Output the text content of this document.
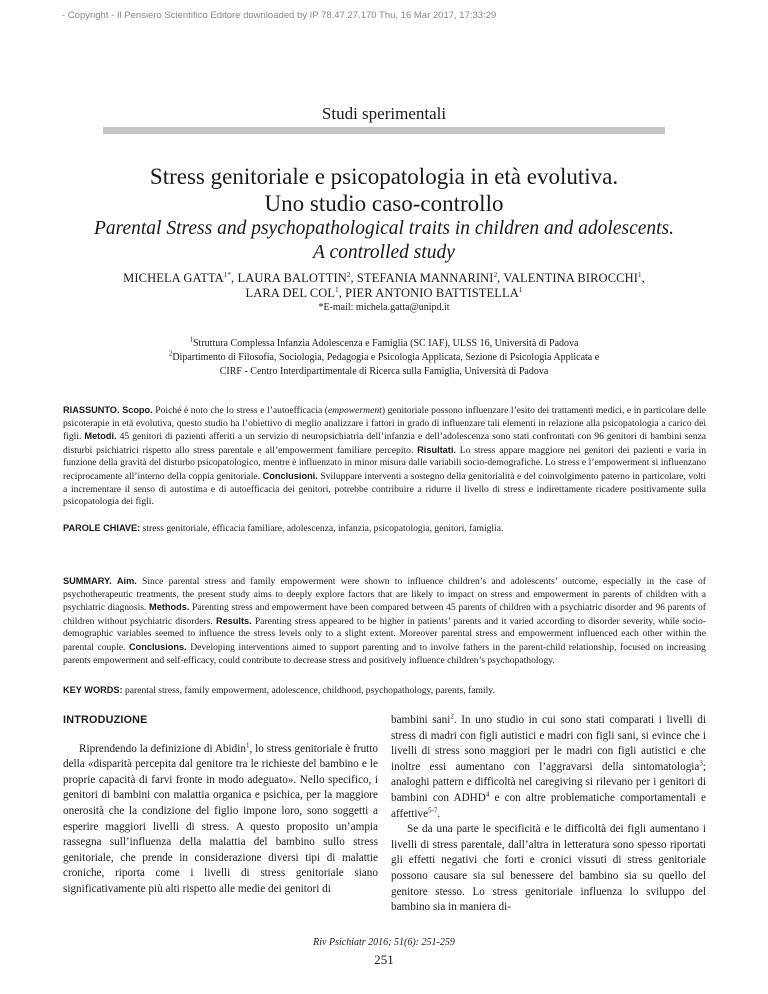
- Copyright - Il Pensiero Scientifico Editore downloaded by IP 78.47.27.170 Thu, 16 Mar 2017, 17:33:29
Studi sperimentali
Stress genitoriale e psicopatologia in età evolutiva.
Uno studio caso-controllo
Parental Stress and psychopathological traits in children and adolescents.
A controlled study
MICHELA $GATTA^{1*}$, LAURA BALOTTIN$^2$, STEFANIA MANNARINI$^2$, VALENTINA BIROCCHI$^1$,
LARA DEL COL$^1$, PIER ANTONIO BATTISTELLA$^1$
*E-mail: michela.gatta@unipd.it
$^1$Struttura Complessa Infanzia Adolescenza e Famiglia (SC IAF), ULSS 16, Università di Padova
$^2$Dipartimento di Filosofia, Sociologia, Pedagogia e Psicologia Applicata, Sezione di Psicologia Applicata e
CIRF - Centro Interdipartimentale di Ricerca sulla Famiglia, Università di Padova

RIASSUNTO. Scopo. Poiché è noto che lo stress e l’autoefficacia (empowerment) genitoriale possono influenzare l’esito dei trattamenti medici, e in particolare delle psicoterapie in età evolutiva, questo studio ha l’obiettivo di meglio analizzare i fattori in grado di influenzare tali elementi in relazione alla psicopatologia a carico dei figli. Metodi. 45 genitori di pazienti afferiti a un servizio di neuropsichiatria dell’infanzia e dell’adolescenza sono stati confrontati con 96 genitori di bambini senza disturbi psichiatrici rispetto allo stress parentale e all’empowerment familiare percepito. Risultati. Lo stress appare maggiore nei genitori dei pazienti e varia in funzione della gravità del disturbo psicopatologico, mentre è influenzato in minor misura dalle variabili socio-demografiche. Lo stress e l’empowerment si influenzano reciprocamente all’interno della coppia genitoriale. Conclusioni. Sviluppare interventi a sostegno della genitorialità e del coinvolgimento paterno in particolare, volti a incrementare il senso di autostima e di autoefficacia dei genitori, potrebbe contribuire a ridurre il livello di stress e indirettamente ricadere positivamente sulla psicopatologia dei figli.

PAROLE CHIAVE: stress genitoriale, efficacia familiare, adolescenza, infanzia, psicopatologia, genitori, famiglia.

SUMMARY. Aim. Since parental stress and family empowerment were shown to influence children’s and adolescents’ outcome, especially in the case of psychotherapeutic treatments, the present study aims to deeply explore factors that are likely to impact on stress and empowerment in parents of children with a psychiatric diagnosis. Methods. Parenting stress and empowerment have been compared between 45 parents of children with a psychiatric disorder and 96 parents of children without psychiatric disorders. Results. Parenting stress appeared to be higher in patients’ parents and it varied according to disorder severity, while socio-demographic variables seemed to influence the stress levels only to a slight extent. Moreover parental stress and empowerment influenced each other within the parental couple. Conclusions. Developing interventions aimed to support parenting and to involve fathers in the parent-child relationship, focused on increasing parents empowerment and self-efficacy, could contribute to decrease stress and positively influence children’s psychopathology.

KEY WORDS: parental stress, family empowerment, adolescence, childhood, psychopathology, parents, family.

INTRODUZIONE

Riprendendo la definizione di Abidin$^1$, lo stress genitoriale è frutto della «disparità percepita dal genitore tra le richieste del bambino e le proprie capacità di farvi fronte in modo adeguato». Nello specifico, i genitori di bambini con malattia organica e psichica, per la maggiore onerosità che la condizione del figlio impone loro, sono soggetti a esperire maggiori livelli di stress. A questo proposito un’ampia rassegna sull’influenza della malattia del bambino sullo stress genitoriale, che prende in considerazione diversi tipi di malattie croniche, riporta come i livelli di stress genitoriale siano significativamente più alti rispetto alle medie dei genitori di

bambini sani$^2$. In uno studio in cui sono stati comparati i livelli di stress di madri con figli autistici e madri con figli sani, si evince che i livelli di stress sono maggiori per le madri con figli autistici e che inoltre essi aumentano con l’aggravarsi della sintomatologia$^3$; analoghi pattern e difficoltà nel caregiving si rilevano per i genitori di bambini con ADHD$^4$ e con altre problematiche comportamentali e affettive$^{5-7}$.

Se da una parte le specificità e le difficoltà dei figli aumentano i livelli di stress parentale, dall’altra in letteratura sono spesso riportati gli effetti negativi che forti e cronici vissuti di stress genitoriale possono causare sia sul benessere del bambino sia su quello del genitore stesso. Lo stress genitoriale influenza lo sviluppo del bambino sia in maniera di-

Riv Psichiatr 2016; 51(6): 251-259
251
